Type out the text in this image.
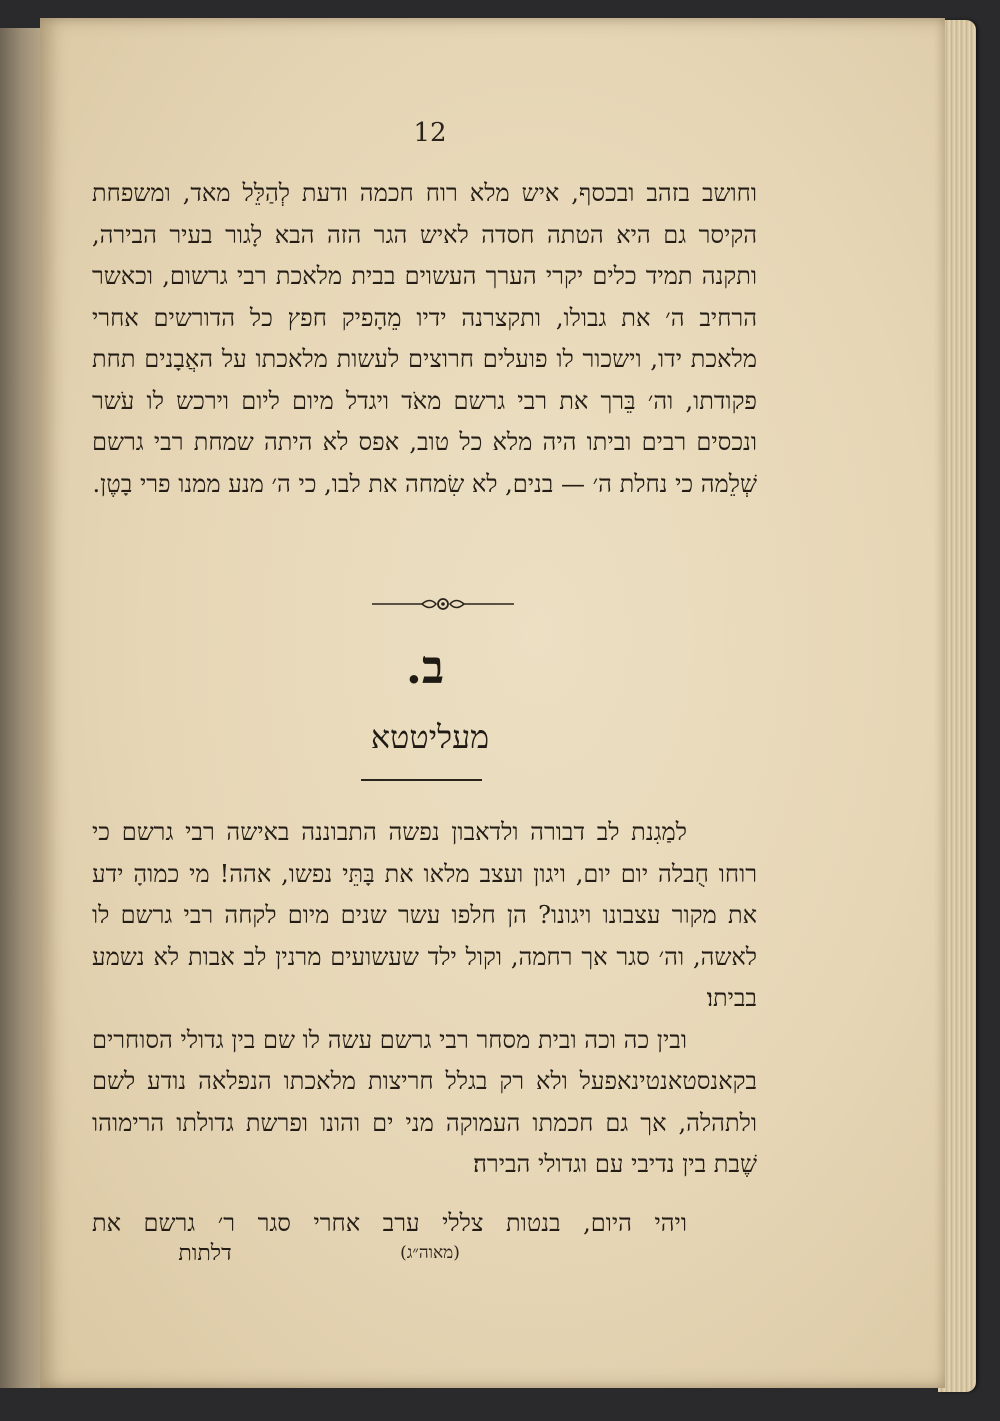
12

וחושב בזהב ובכסף, איש מלא רוח חכמה ודעת לְהַלֵּל מאד, ומשפחת הקיסר גם היא הטתה חסדה לאיש הגר הזה הבא לָגור בעיר הבירה, ותקנה תמיד כלים יקרי הערך העשוים בבית מלאכת רבי גרשום, וכאשר הרחיב ה׳ את גבולו, ותקצרנה ידיו מֵהָפיק חפץ כל הדורשים אחרי מלאכת ידו, וישכור לו פועלים חרוצים לעשות מלאכתו על האֲבָנים תחת פקודתו, וה׳ בֵּרך את רבי גרשם מאֹד ויגדל מיום ליום וירכש לו עֹשר ונכסים רבים וביתו היה מלא כל טוב, אפס לא היתה שמחת רבי גרשם שְׁלֵמה כי נחלת ה׳ — בנים, לא שִׂמחה את לבו, כי ה׳ מנע ממנו פרי בָטֶן.

ב.
מעליטטא

למַגִנת לב דבורה ולדאבון נפשה התבוננה באישה רבי גרשם כי רוחו חֻבלה יום יום, ויגון ועצב מלאו את בָּתֵּי נפשו, אהה! מי כמוהָ ידע את מקור עצבונו ויגונו? הן חלפו עשר שנים מיום לקחה רבי גרשם לו לאשה, וה׳ סגר אך רחמה, וקול ילד שעשועים מרנין לב אבות לא נשמע בביתו׃

ובין כה וכה ובית מסחר רבי גרשם עשה לו שם בין גדולי הסוחרים בקאנסטאנטינאפעל ולא רק בגלל חריצות מלאכתו הנפלאה נודע לשם ולתהלה, אך גם חכמתו העמוקה מני ים והונו ופרשת גדולתו הרימוהו שֶׁבת בין נדיבי עם וגדולי הבירה׃

ויהי היום, בנטות צללי ערב אחרי סגר ר׳ גרשם את
(מאוה״ג)
דלתות
